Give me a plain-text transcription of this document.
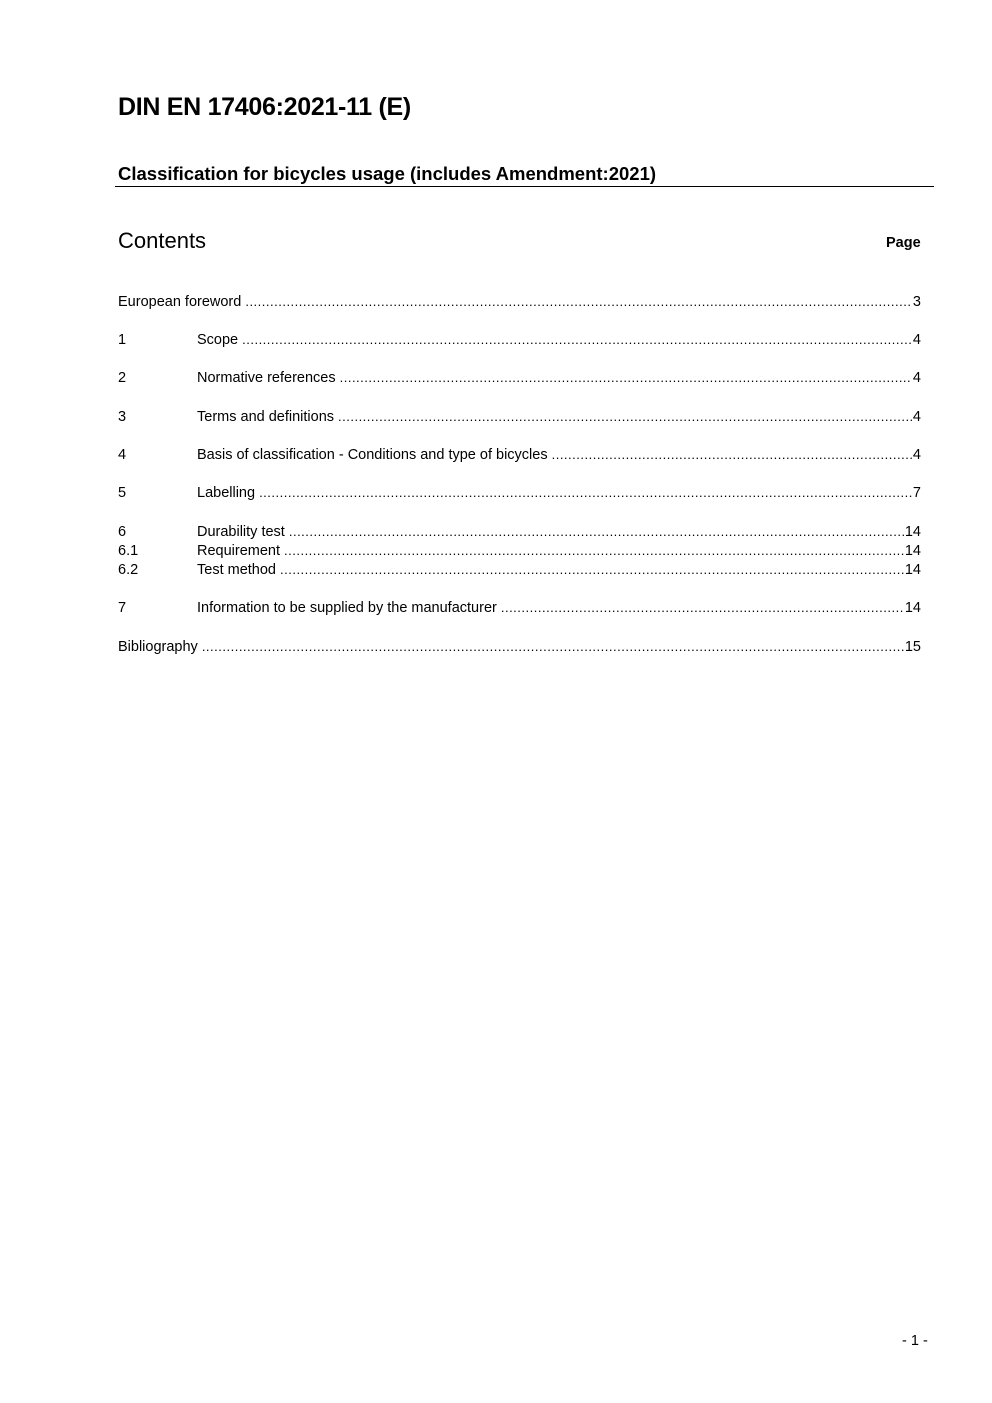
DIN EN 17406:2021-11 (E)
Classification for bicycles usage (includes Amendment:2021)
Contents	Page
European foreword .....	3
1	Scope .....	4
2	Normative references .....	4
3	Terms and definitions .....	4
4	Basis of classification - Conditions and type of bicycles .....	4
5	Labelling .....	7
6	Durability test .....	14
6.1	Requirement .....	14
6.2	Test method .....	14
7	Information to be supplied by the manufacturer .....	14
Bibliography .....	15
- 1 -
